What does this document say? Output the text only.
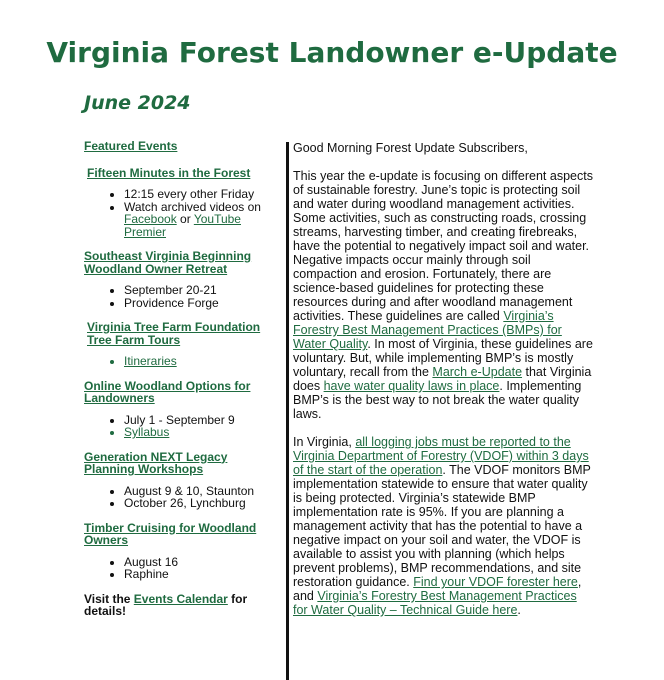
Virginia Forest Landowner e-Update
June 2024
Featured Events
Fifteen Minutes in the Forest
• 12:15 every other Friday
• Watch archived videos on Facebook or YouTube Premier
Southeast Virginia Beginning Woodland Owner Retreat
• September 20-21
• Providence Forge
Virginia Tree Farm Foundation Tree Farm Tours
• Itineraries
Online Woodland Options for Landowners
• July 1 - September 9
• Syllabus
Generation NEXT Legacy Planning Workshops
• August 9 & 10, Staunton
• October 26, Lynchburg
Timber Cruising for Woodland Owners
• August 16
• Raphine
Visit the Events Calendar for details!

Good Morning Forest Update Subscribers,

This year the e-update is focusing on different aspects of sustainable forestry. June’s topic is protecting soil and water during woodland management activities. Some activities, such as constructing roads, crossing streams, harvesting timber, and creating firebreaks, have the potential to negatively impact soil and water. Negative impacts occur mainly through soil compaction and erosion. Fortunately, there are science-based guidelines for protecting these resources during and after woodland management activities. These guidelines are called Virginia’s Forestry Best Management Practices (BMPs) for Water Quality. In most of Virginia, these guidelines are voluntary. But, while implementing BMP’s is mostly voluntary, recall from the March e-Update that Virginia does have water quality laws in place. Implementing BMP’s is the best way to not break the water quality laws.

In Virginia, all logging jobs must be reported to the Virginia Department of Forestry (VDOF) within 3 days of the start of the operation. The VDOF monitors BMP implementation statewide to ensure that water quality is being protected. Virginia’s statewide BMP implementation rate is 95%. If you are planning a management activity that has the potential to have a negative impact on your soil and water, the VDOF is available to assist you with planning (which helps prevent problems), BMP recommendations, and site restoration guidance. Find your VDOF forester here, and Virginia’s Forestry Best Management Practices for Water Quality – Technical Guide here.
